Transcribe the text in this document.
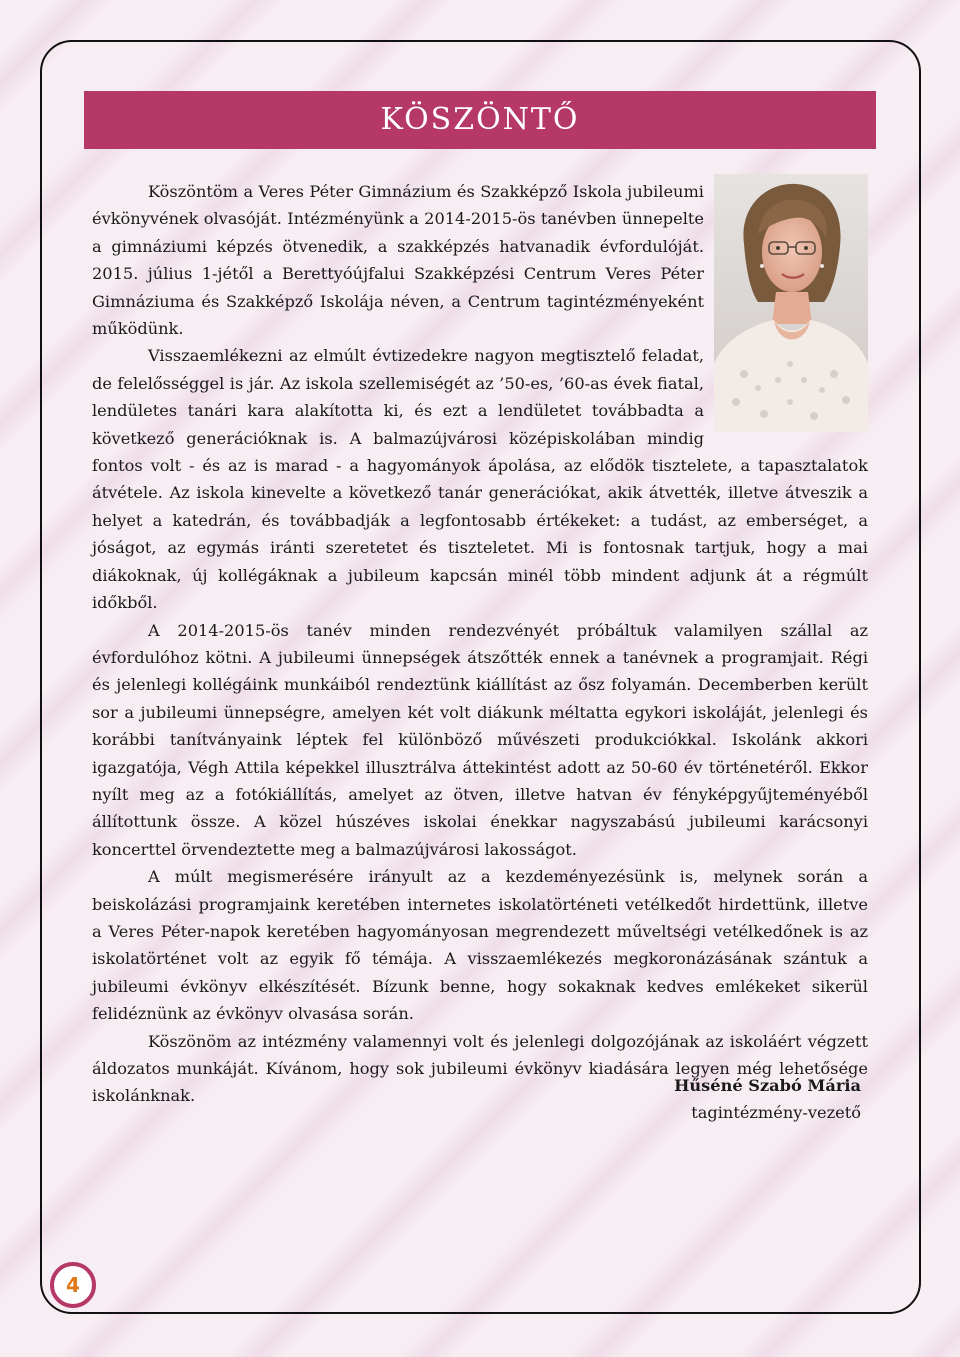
KÖSZÖNTŐ

Köszöntöm a Veres Péter Gimnázium és Szakképző Iskola jubileumi évkönyvének olvasóját. Intézményünk a 2014-2015-ös tanévben ünnepelte a gimnáziumi képzés ötvenedik, a szakképzés hatvanadik évfordulóját. 2015. július 1-jétől a Berettyóújfalui Szakképzési Centrum Veres Péter Gimnáziuma és Szakképző Iskolája néven, a Centrum tagintézményeként működünk.

Visszaemlékezni az elmúlt évtizedekre nagyon megtisztelő feladat, de felelősséggel is jár. Az iskola szellemiségét az ’50-es, ’60-as évek fiatal, lendületes tanári kara alakította ki, és ezt a lendületet továbbadta a következő generációknak is. A balmazújvárosi középiskolában mindig fontos volt - és az is marad - a hagyományok ápolása, az elődök tisztelete, a tapasztalatok átvétele. Az iskola kinevelte a következő tanár generációkat, akik átvették, illetve átveszik a helyet a katedrán, és továbbadják a legfontosabb értékeket: a tudást, az emberséget, a jóságot, az egymás iránti szeretetet és tiszteletet. Mi is fontosnak tartjuk, hogy a mai diákoknak, új kollégáknak a jubileum kapcsán minél több mindent adjunk át a régmúlt időkből.

A 2014-2015-ös tanév minden rendezvényét próbáltuk valamilyen szállal az évfordulóhoz kötni. A jubileumi ünnepségek átszőtték ennek a tanévnek a programjait. Régi és jelenlegi kollégáink munkáiból rendeztünk kiállítást az ősz folyamán. Decemberben került sor a jubileumi ünnepségre, amelyen két volt diákunk méltatta egykori iskoláját, jelenlegi és korábbi tanítványaink léptek fel különböző művészeti produkciókkal. Iskolánk akkori igazgatója, Végh Attila képekkel illusztrálva áttekintést adott az 50-60 év történetéről. Ekkor nyílt meg az a fotókiállítás, amelyet az ötven, illetve hatvan év fényképgyűjteményéből állítottunk össze. A közel húszéves iskolai énekkar nagyszabású jubileumi karácsonyi koncerttel örvendeztette meg a balmazújvárosi lakosságot.

A múlt megismerésére irányult az a kezdeményezésünk is, melynek során a beiskolázási programjaink keretében internetes iskolatörténeti vetélkedőt hirdettünk, illetve a Veres Péter-napok keretében hagyományosan megrendezett műveltségi vetélkedőnek is az iskolatörténet volt az egyik fő témája. A visszaemlékezés megkoronázásának szántuk a jubileumi évkönyv elkészítését. Bízunk benne, hogy sokaknak kedves emlékeket sikerül felidéznünk az évkönyv olvasása során.

Köszönöm az intézmény valamennyi volt és jelenlegi dolgozójának az iskoláért végzett áldozatos munkáját. Kívánom, hogy sok jubileumi évkönyv kiadására legyen még lehetősége iskolánknak.

Hűséné Szabó Mária
tagintézmény-vezető
4
